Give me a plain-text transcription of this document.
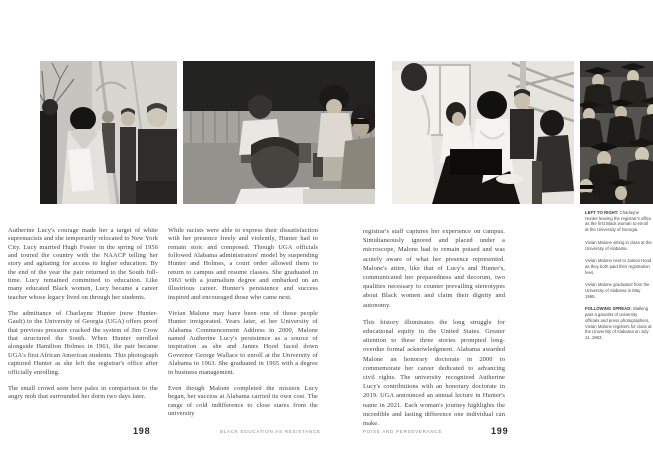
Autherine Lucy's courage made her a target of white supremacists and she temporarily relocated to New York City. Lucy married Hugh Foster in the spring of 1956 and toured the country with the NAACP telling her story and agitating for access to higher education. By the end of the year the pair returned to the South full-time. Lucy remained committed to education. Like many educated Black women, Lucy became a career teacher whose legacy lived on through her students.

The admittance of Charlayne Hunter (now Hunter-Gault) to the University of Georgia (UGA) offers proof that previous pressure cracked the system of Jim Crow that structured the South. When Hunter enrolled alongside Hamilton Holmes in 1961, the pair became UGA's first African American students. This photograph captured Hunter as she left the registrar's office after officially enrolling.

The small crowd seen here pales in comparison to the angry mob that surrounded her dorm two days later.

While racists were able to express their dissatisfaction with her presence freely and violently, Hunter had to remain stoic and composed. Though UGA officials followed Alabama administrators' model by suspending Hunter and Holmes, a court order allowed them to return to campus and resume classes. She graduated in 1963 with a journalism degree and embarked on an illustrious career. Hunter's persistence and success inspired and encouraged those who came next.

Vivian Malone may have been one of those people Hunter invigorated. Years later, at her University of Alabama Commencement Address in 2000, Malone named Autherine Lucy's persistence as a source of inspiration as she and James Hood faced down Governor George Wallace to enroll at the University of Alabama in 1963. She graduated in 1965 with a degree in business management.

Even though Malone completed the mission Lucy began, her success at Alabama carried its own cost. The range of cold indifference to close stares from the university

registrar's staff captures her experience on campus. Simultaneously ignored and placed under a microscope, Malone had to remain poised and was acutely aware of what her presence represented. Malone's attire, like that of Lucy's and Hunter's, communicated her preparedness and decorum, two qualities necessary to counter prevailing stereotypes about Black women and claim their dignity and autonomy.

This history illuminates the long struggle for educational equity in the United States. Greater attention to these three stories prompted long-overdue formal acknowledgment. Alabama awarded Malone an honorary doctorate in 2000 to commemorate her career dedicated to advancing civil rights. The university recognized Autherine Lucy's contributions with an honorary doctorate in 2019. UGA announced an annual lecture in Hunter's name in 2021. Each woman's journey highlights the incredible and lasting difference one individual can make.

LEFT TO RIGHT: Charlayne Hunter leaving the registrar's office as the first Black woman to enroll at the University of Georgia.

Vivian Malone sitting in class at the University of Alabama.

Vivian Malone next to James Hood as they both paid their registration fees.

Vivian Malone graduated from the University of Alabama in May 1965.

FOLLOWING SPREAD: Walking past a gauntlet of university officials and press photographers, Vivian Malone registers for class at the University of Alabama on July 11, 1963.

198	BLACK EDUCATION AS RESISTANCE	POISE AND PERSEVERANCE	199
